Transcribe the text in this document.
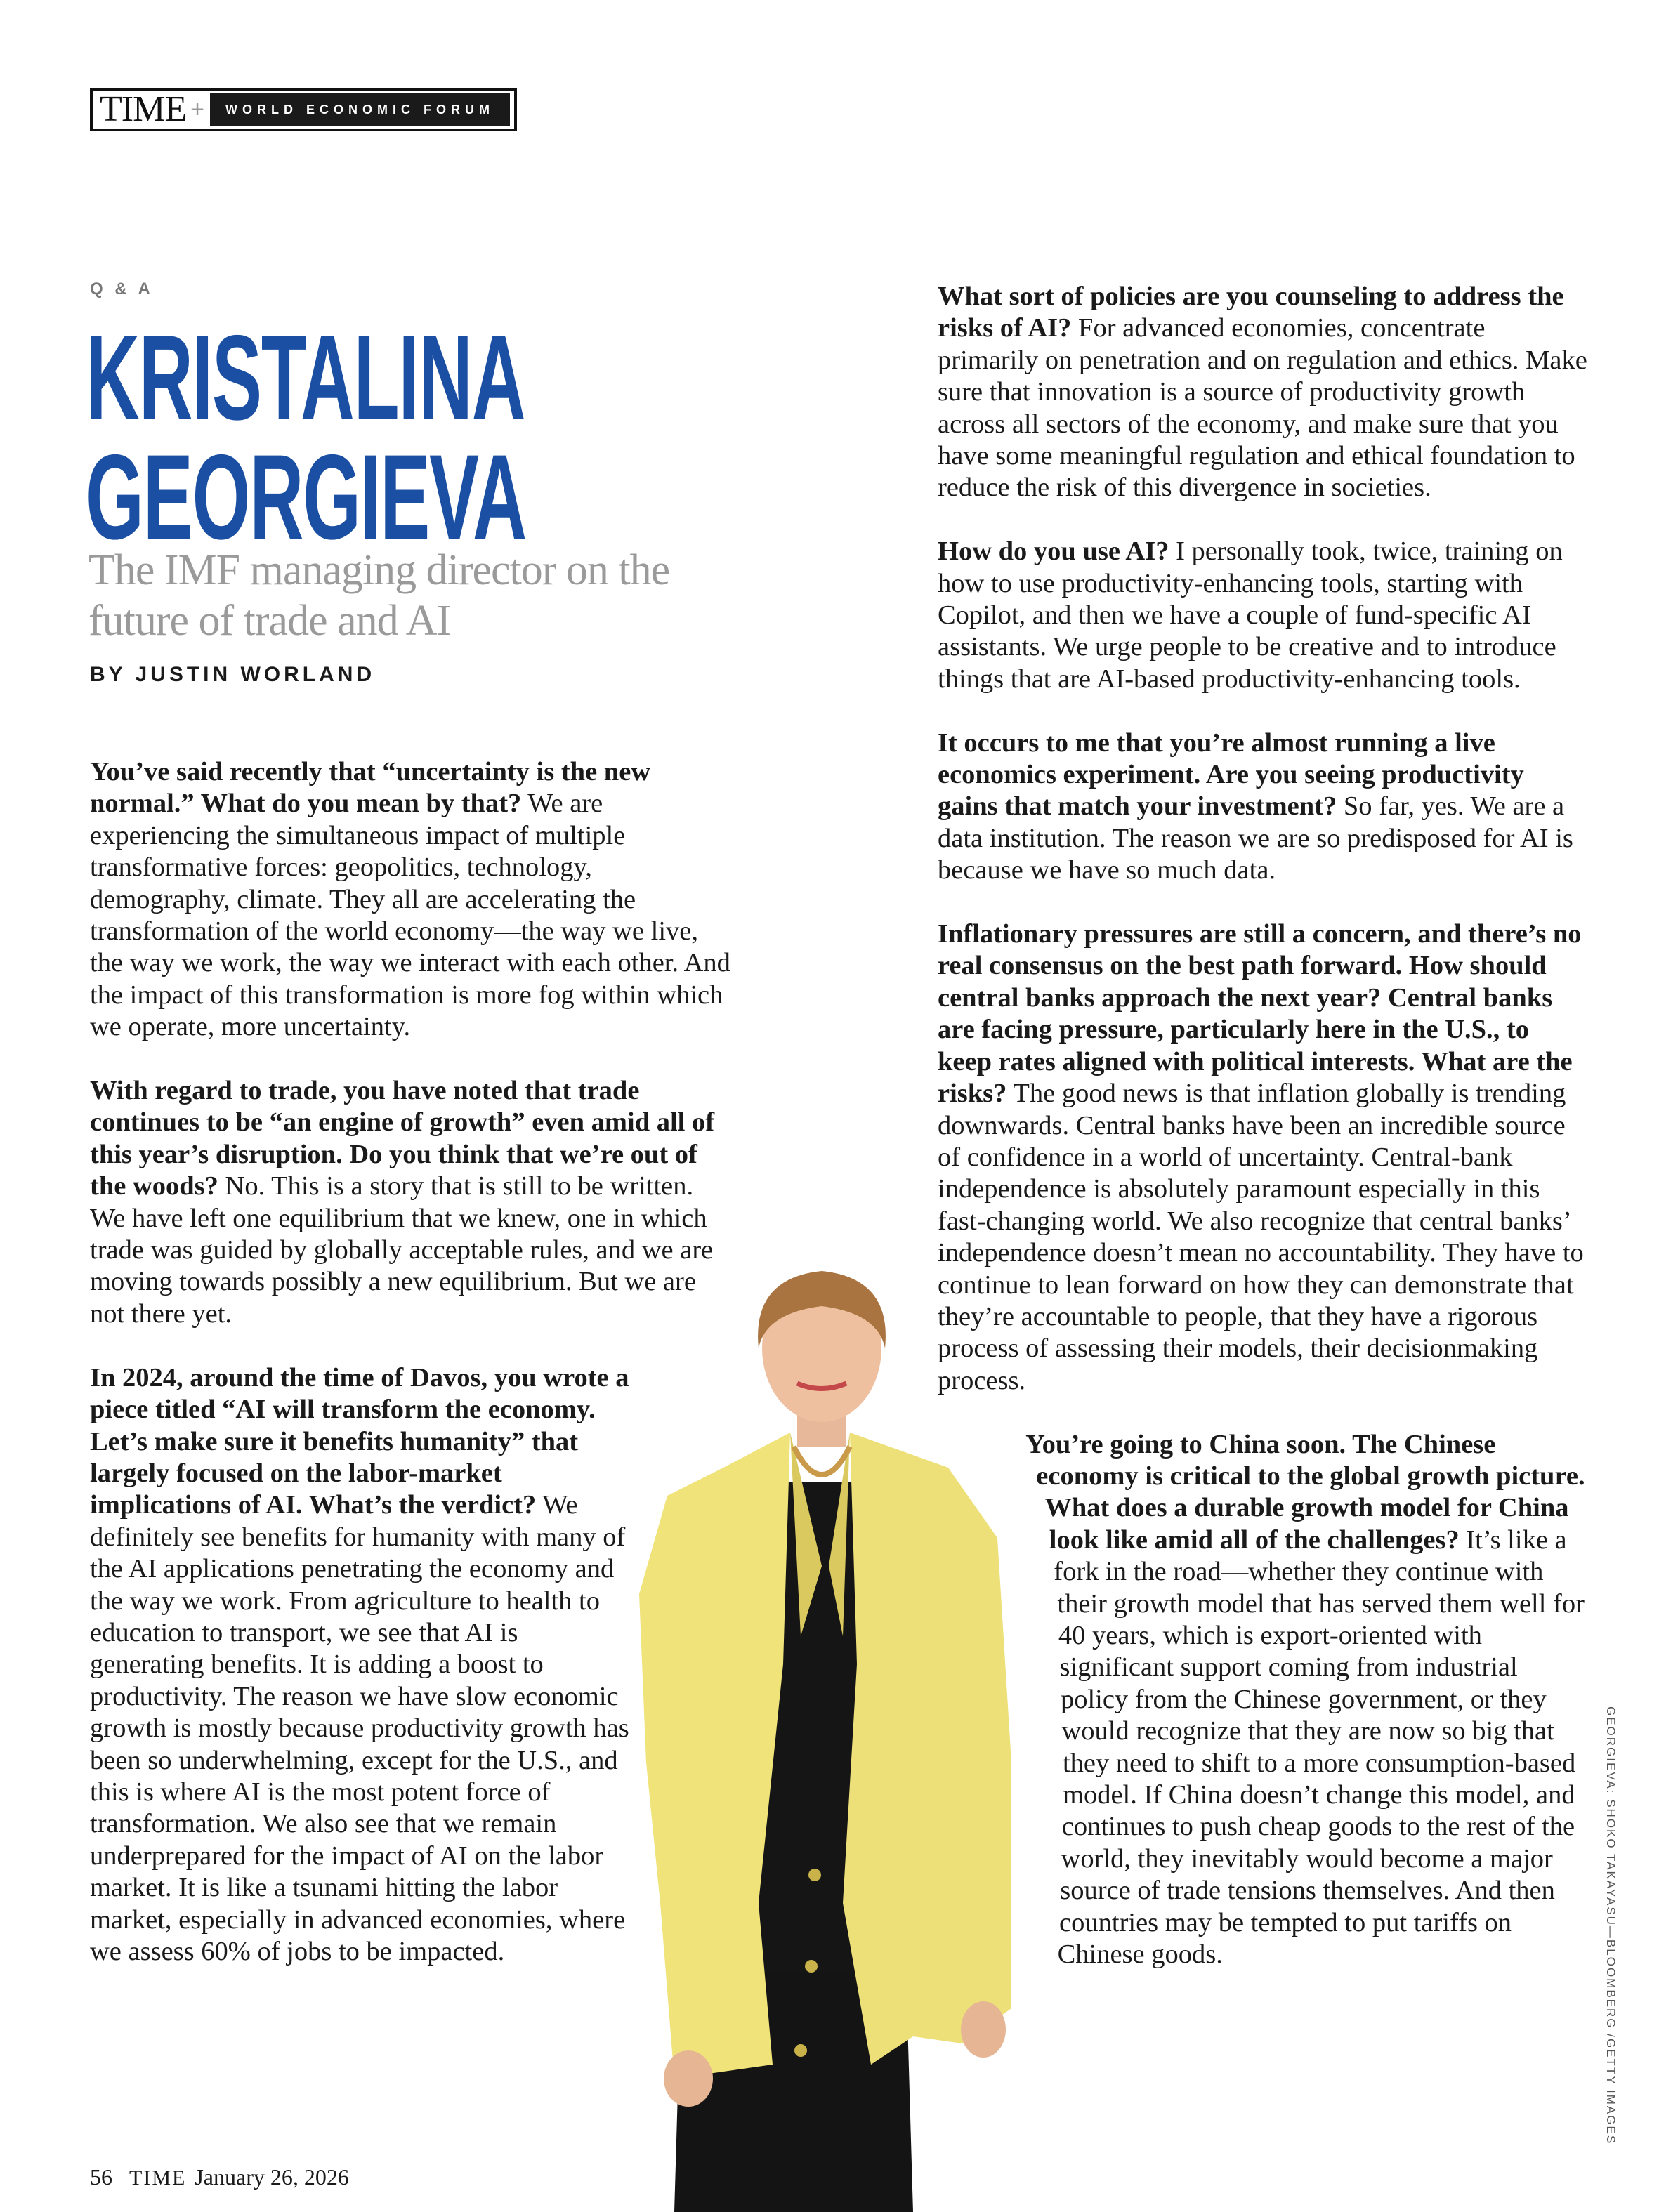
TIME +	WORLD ECONOMIC FORUM
Q & A
KRISTALINA
GEORGIEVA
The IMF managing director on the future of trade and AI
BY JUSTIN WORLAND

You’ve said recently that “uncertainty is the new normal.” What do you mean by that? We are experiencing the simultaneous impact of multiple transformative forces: geopolitics, technology, demography, climate. They all are accelerating the transformation of the world economy—the way we live, the way we work, the way we interact with each other. And the impact of this transformation is more fog within which we operate, more uncertainty.

With regard to trade, you have noted that trade continues to be “an engine of growth” even amid all of this year’s disruption. Do you think that we’re out of the woods? No. This is a story that is still to be written. We have left one equilibrium that we knew, one in which trade was guided by globally acceptable rules, and we are moving towards possibly a new equilibrium. But we are not there yet.

In 2024, around the time of Davos, you wrote a piece titled “AI will transform the economy. Let’s make sure it benefits humanity” that largely focused on the labor-market implications of AI. What’s the verdict? We definitely see benefits for humanity with many of the AI applications penetrating the economy and the way we work. From agriculture to health to education to transport, we see that AI is generating benefits. It is adding a boost to productivity. The reason we have slow economic growth is mostly because productivity growth has been so underwhelming, except for the U.S., and this is where AI is the most potent force of transformation. We also see that we remain underprepared for the impact of AI on the labor market. It is like a tsunami hitting the labor market, especially in advanced economies, where we assess 60% of jobs to be impacted.

What sort of policies are you counseling to address the risks of AI? For advanced economies, concentrate primarily on penetration and on regulation and ethics. Make sure that innovation is a source of productivity growth across all sectors of the economy, and make sure that you have some meaningful regulation and ethical foundation to reduce the risk of this divergence in societies.

How do you use AI? I personally took, twice, training on how to use productivity-enhancing tools, starting with Copilot, and then we have a couple of fund-specific AI assistants. We urge people to be creative and to introduce things that are AI-based productivity-enhancing tools.

It occurs to me that you’re almost running a live economics experiment. Are you seeing productivity gains that match your investment? So far, yes. We are a data institution. The reason we are so predisposed for AI is because we have so much data.

Inflationary pressures are still a concern, and there’s no real consensus on the best path forward. How should central banks approach the next year? Central banks are facing pressure, particularly here in the U.S., to keep rates aligned with political interests. What are the risks? The good news is that inflation globally is trending downwards. Central banks have been an incredible source of confidence in a world of uncertainty. Central-bank independence is absolutely paramount especially in this fast-changing world. We also recognize that central banks’ independence doesn’t mean no accountability. They have to continue to lean forward on how they can demonstrate that they’re accountable to people, that they have a rigorous process of assessing their models, their decisionmaking process.

You’re going to China soon. The Chinese economy is critical to the global growth picture. What does a durable growth model for China look like amid all of the challenges? It’s like a fork in the road—whether they continue with their growth model that has served them well for 40 years, which is export-oriented with significant support coming from industrial policy from the Chinese government, or they would recognize that they are now so big that they need to shift to a more consumption-based model. If China doesn’t change this model, and continues to push cheap goods to the rest of the world, they inevitably would become a major source of trade tensions themselves. And then countries may be tempted to put tariffs on Chinese goods.	GEORGIEVA: SHOKO TAKAYASU—BLOOMBERG /GETTY IMAGES
56 TIME January 26, 2026
